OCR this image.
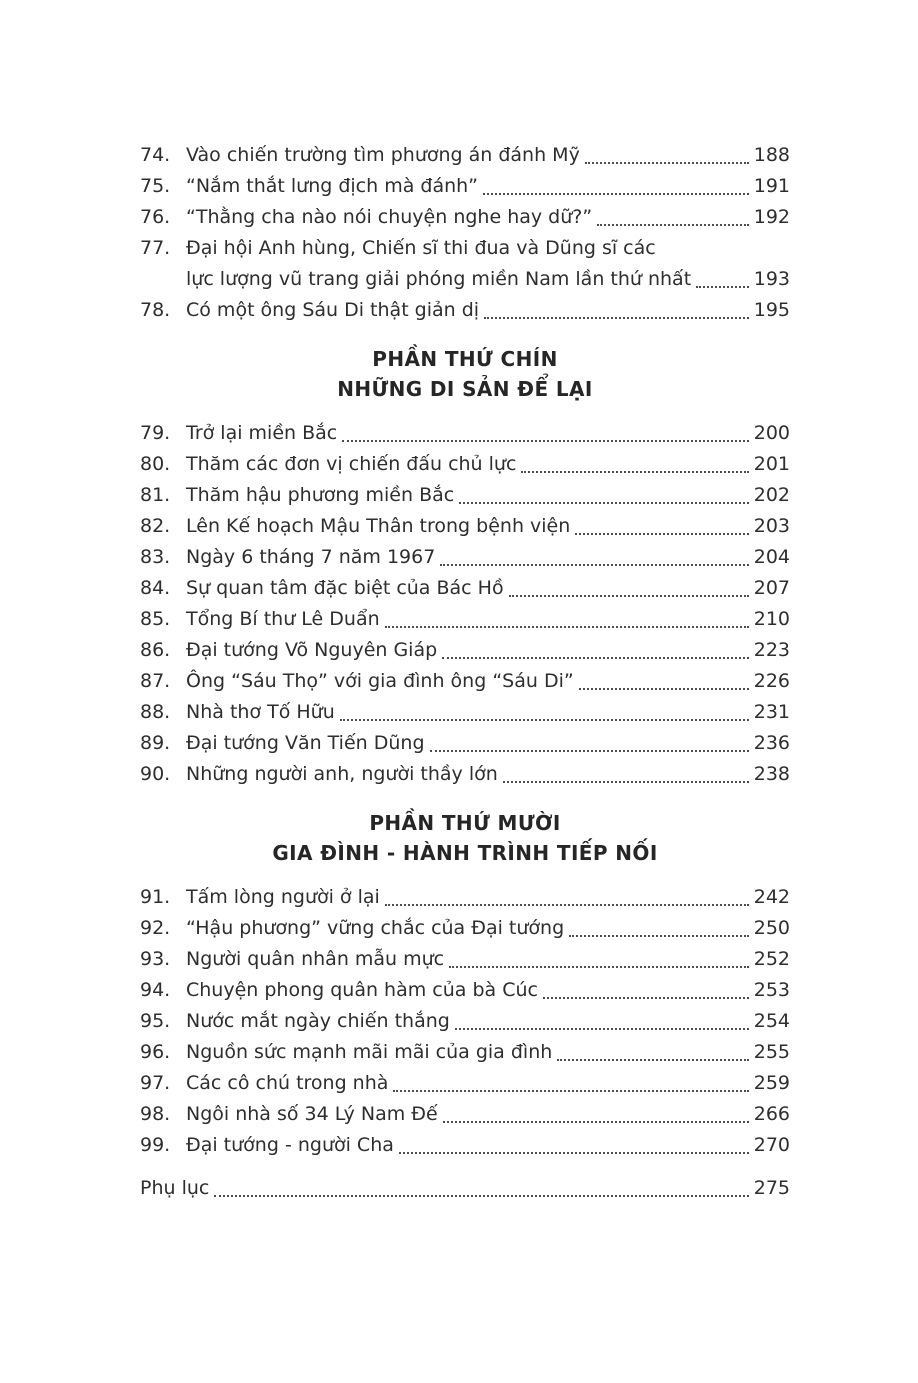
74. Vào chiến trường tìm phương án đánh Mỹ	188
75. “Nắm thắt lưng địch mà đánh”	191
76. “Thằng cha nào nói chuyện nghe hay dữ?”	192
77. Đại hội Anh hùng, Chiến sĩ thi đua và Dũng sĩ các
lực lượng vũ trang giải phóng miền Nam lần thứ nhất	193
78. Có một ông Sáu Di thật giản dị	195
PHẦN THỨ CHÍN
NHỮNG DI SẢN ĐỂ LẠI
79. Trở lại miền Bắc	200
80. Thăm các đơn vị chiến đấu chủ lực	201
81. Thăm hậu phương miền Bắc	202
82. Lên Kế hoạch Mậu Thân trong bệnh viện	203
83. Ngày 6 tháng 7 năm 1967	204
84. Sự quan tâm đặc biệt của Bác Hồ	207
85. Tổng Bí thư Lê Duẩn	210
86. Đại tướng Võ Nguyên Giáp	223
87. Ông “Sáu Thọ” với gia đình ông “Sáu Di”	226
88. Nhà thơ Tố Hữu	231
89. Đại tướng Văn Tiến Dũng	236
90. Những người anh, người thầy lớn	238
PHẦN THỨ MƯỜI
GIA ĐÌNH - HÀNH TRÌNH TIẾP NỐI
91. Tấm lòng người ở lại	242
92. “Hậu phương” vững chắc của Đại tướng	250
93. Người quân nhân mẫu mực	252
94. Chuyện phong quân hàm của bà Cúc	253
95. Nước mắt ngày chiến thắng	254
96. Nguồn sức mạnh mãi mãi của gia đình	255
97. Các cô chú trong nhà	259
98. Ngôi nhà số 34 Lý Nam Đế	266
99. Đại tướng - người Cha	270
Phụ lục	275
